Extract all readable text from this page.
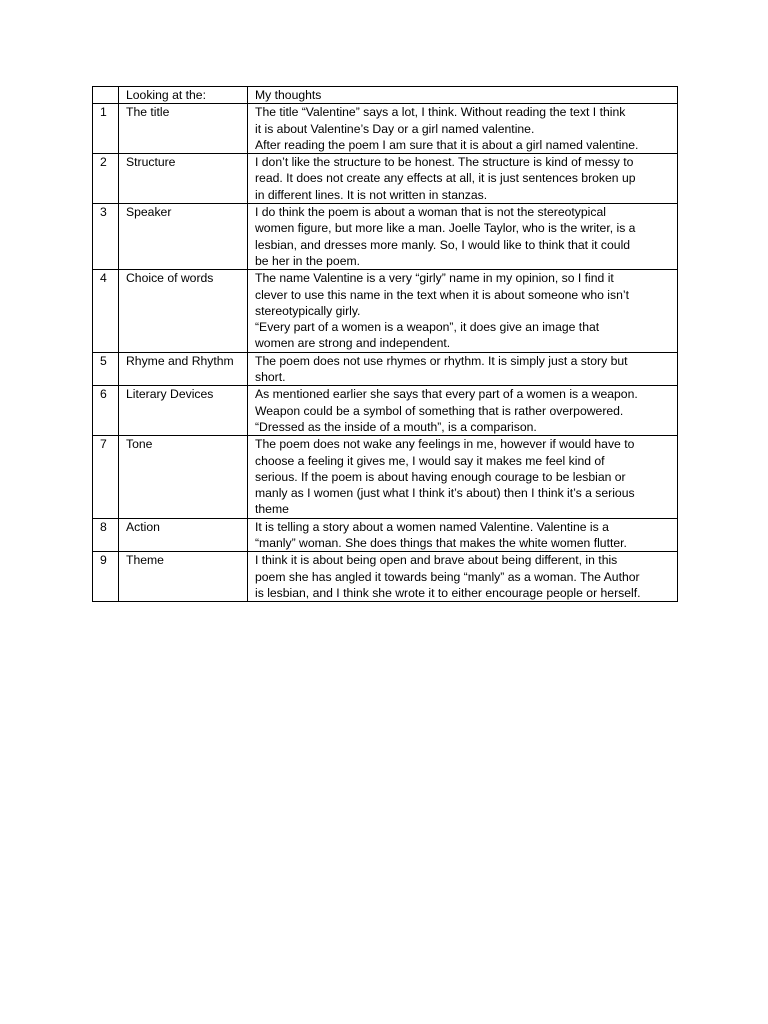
	Looking at the:	My thoughts
1	The title	The title “Valentine” says a lot, I think. Without reading the text I think
it is about Valentine’s Day or a girl named valentine.
After reading the poem I am sure that it is about a girl named valentine.

2	Structure	I don’t like the structure to be honest. The structure is kind of messy to
read. It does not create any effects at all, it is just sentences broken up
in different lines. It is not written in stanzas.

3	Speaker	I do think the poem is about a woman that is not the stereotypical
women figure, but more like a man. Joelle Taylor, who is the writer, is a
lesbian, and dresses more manly. So, I would like to think that it could
be her in the poem.

4	Choice of words	The name Valentine is a very “girly” name in my opinion, so I find it
clever to use this name in the text when it is about someone who isn’t
stereotypically girly.
“Every part of a women is a weapon”, it does give an image that
women are strong and independent.

5	Rhyme and Rhythm	The poem does not use rhymes or rhythm. It is simply just a story but
short.

6	Literary Devices	As mentioned earlier she says that every part of a women is a weapon.
Weapon could be a symbol of something that is rather overpowered.
“Dressed as the inside of a mouth”, is a comparison.

7	Tone	The poem does not wake any feelings in me, however if would have to
choose a feeling it gives me, I would say it makes me feel kind of
serious. If the poem is about having enough courage to be lesbian or
manly as I women (just what I think it’s about) then I think it’s a serious
theme

8	Action	It is telling a story about a women named Valentine. Valentine is a
“manly” woman. She does things that makes the white women flutter.

9	Theme	I think it is about being open and brave about being different, in this
poem she has angled it towards being “manly” as a woman. The Author
is lesbian, and I think she wrote it to either encourage people or herself.
